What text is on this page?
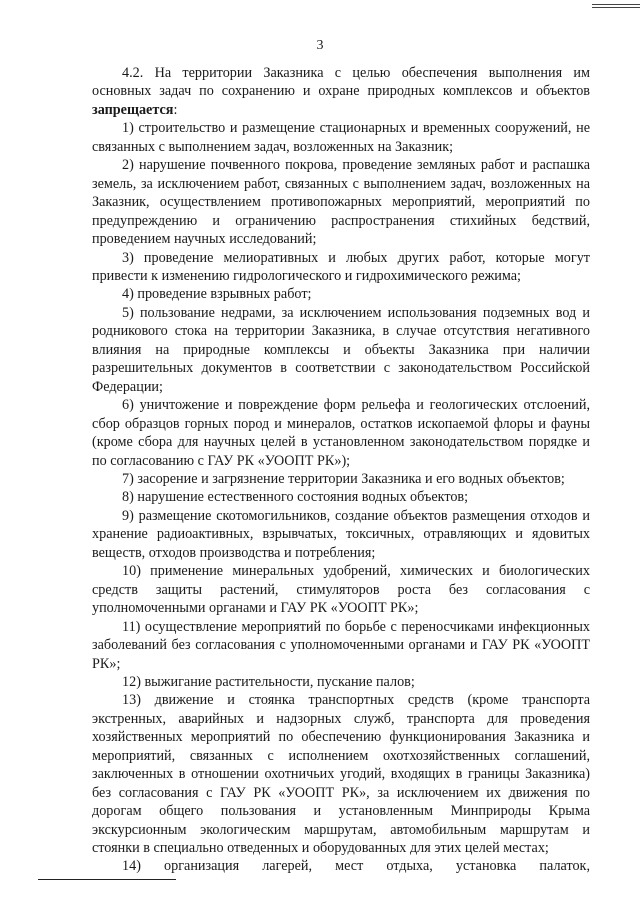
3

4.2. На территории Заказника с целью обеспечения выполнения им основных задач по сохранению и охране природных комплексов и объектов запрещается:

1) строительство и размещение стационарных и временных сооружений, не связанных с выполнением задач, возложенных на Заказник;

2) нарушение почвенного покрова, проведение земляных работ и распашка земель, за исключением работ, связанных с выполнением задач, возложенных на Заказник, осуществлением противопожарных мероприятий, мероприятий по предупреждению и ограничению распространения стихийных бедствий, проведением научных исследований;

3) проведение мелиоративных и любых других работ, которые могут привести к изменению гидрологического и гидрохимического режима;

4) проведение взрывных работ;

5) пользование недрами, за исключением использования подземных вод и родникового стока на территории Заказника, в случае отсутствия негативного влияния на природные комплексы и объекты Заказника при наличии разрешительных документов в соответствии с законодательством Российской Федерации;

6) уничтожение и повреждение форм рельефа и геологических отслоений, сбор образцов горных пород и минералов, остатков ископаемой флоры и фауны (кроме сбора для научных целей в установленном законодательством порядке и по согласованию с ГАУ РК «УООПТ РК»);

7) засорение и загрязнение территории Заказника и его водных объектов;

8) нарушение естественного состояния водных объектов;

9) размещение скотомогильников, создание объектов размещения отходов и хранение радиоактивных, взрывчатых, токсичных, отравляющих и ядовитых веществ, отходов производства и потребления;

10) применение минеральных удобрений, химических и биологических средств защиты растений, стимуляторов роста без согласования с уполномоченными органами и ГАУ РК «УООПТ РК»;

11) осуществление мероприятий по борьбе с переносчиками инфекционных заболеваний без согласования с уполномоченными органами и ГАУ РК «УООПТ РК»;

12) выжигание растительности, пускание палов;

13) движение и стоянка транспортных средств (кроме транспорта экстренных, аварийных и надзорных служб, транспорта для проведения хозяйственных мероприятий по обеспечению функционирования Заказника и мероприятий, связанных с исполнением охотхозяйственных соглашений, заключенных в отношении охотничьих угодий, входящих в границы Заказника) без согласования с ГАУ РК «УООПТ РК», за исключением их движения по дорогам общего пользования и установленным Минприроды Крыма экскурсионным экологическим маршрутам, автомобильным маршрутам и стоянки в специально отведенных и оборудованных для этих целей местах;

14) организация лагерей, мест отдыха, установка палаток,
